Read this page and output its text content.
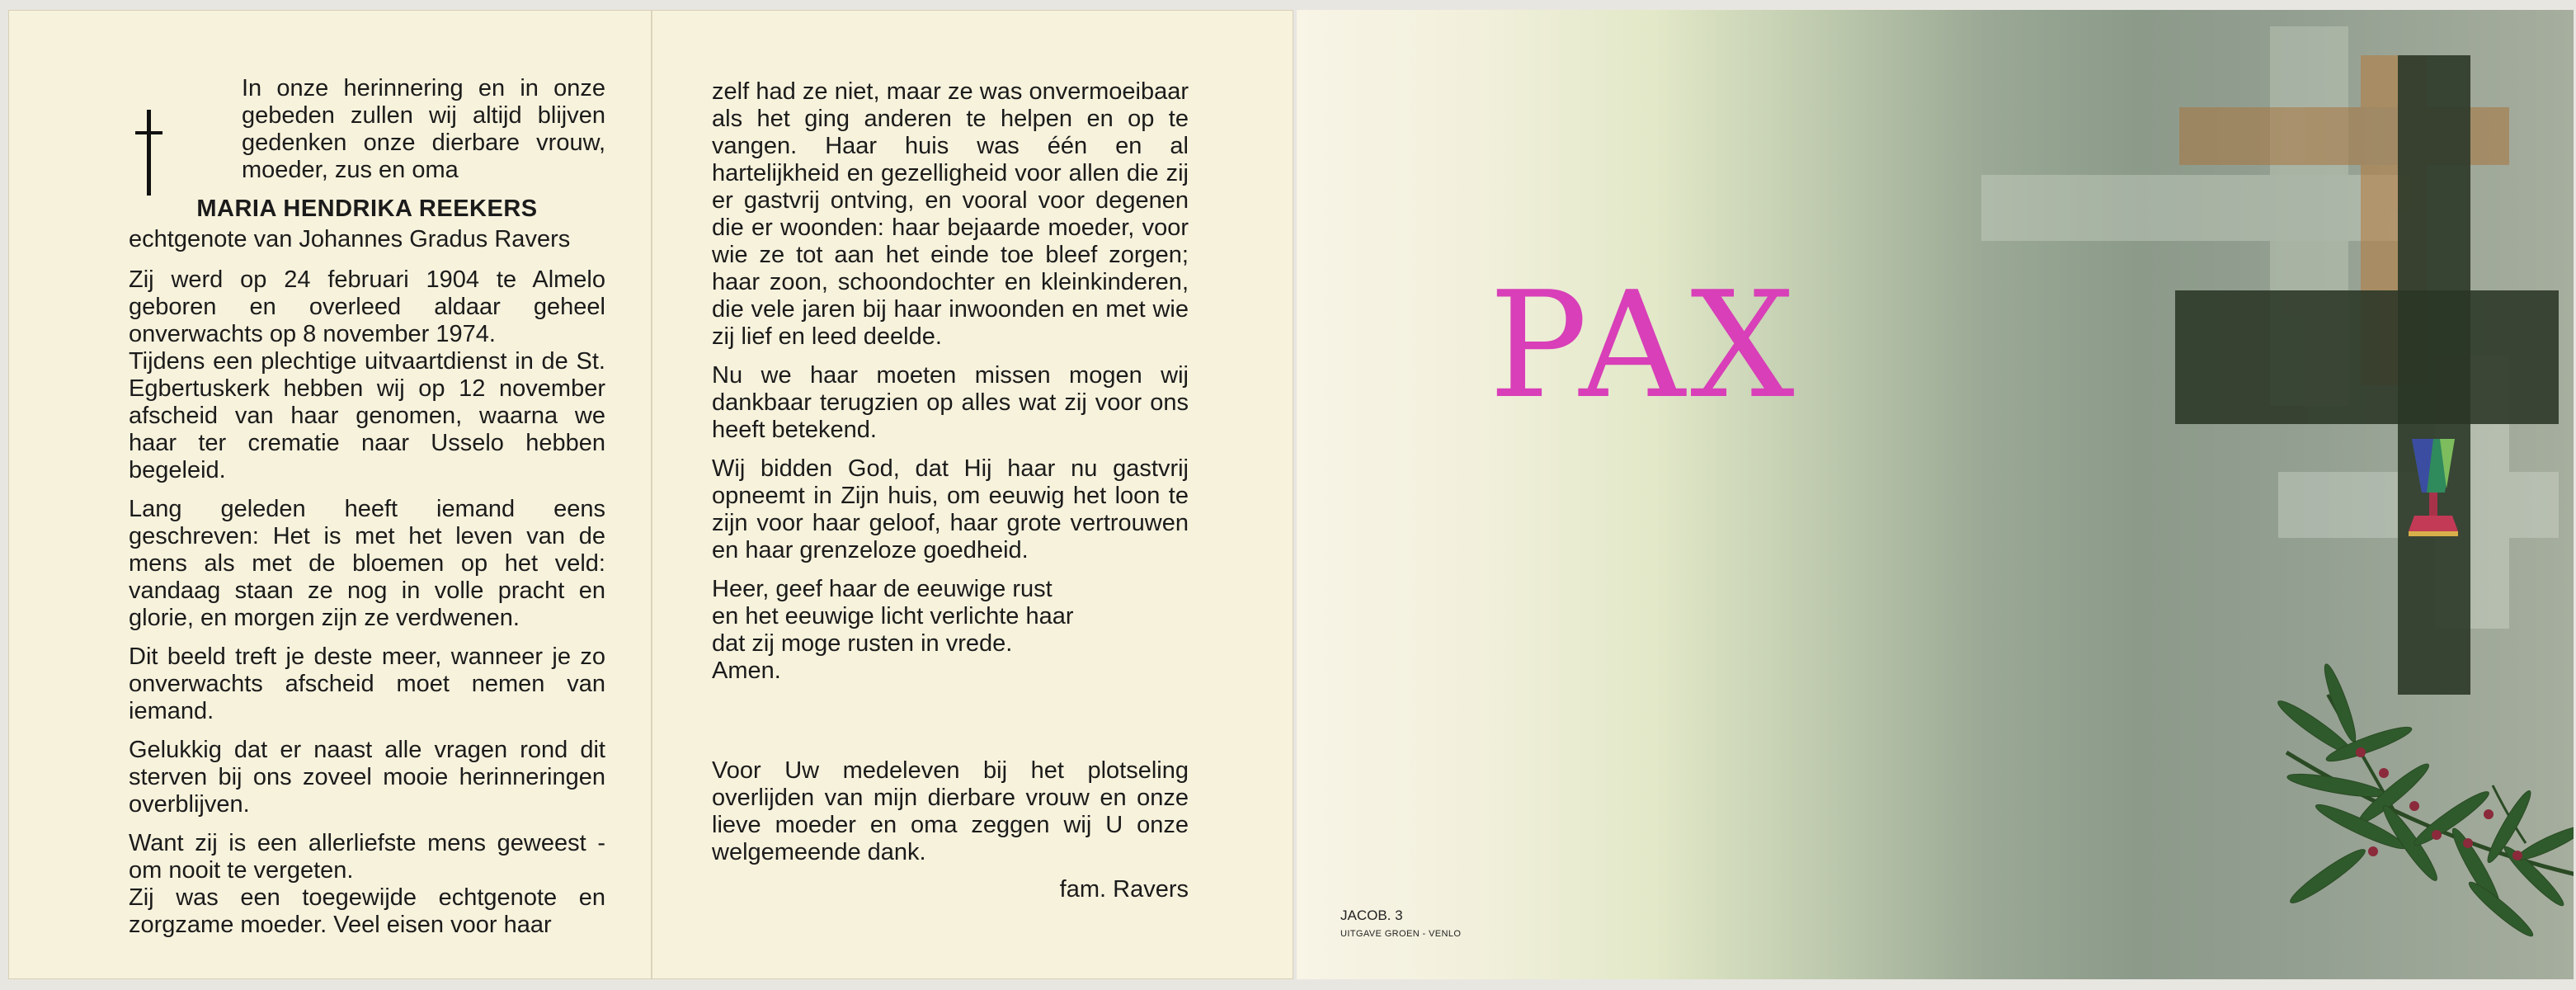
In onze herinnering en in onze gebeden zullen wij altijd blijven gedenken onze dierbare vrouw, moeder, zus en oma

MARIA HENDRIKA REEKERS
echtgenote van Johannes Gradus Ravers

Zij werd op 24 februari 1904 te Almelo geboren en overleed aldaar geheel onverwachts op 8 november 1974.
Tijdens een plechtige uitvaartdienst in de St. Egbertuskerk hebben wij op 12 november afscheid van haar genomen, waarna we haar ter crematie naar Usselo hebben begeleid.

Lang geleden heeft iemand eens geschreven: Het is met het leven van de mens als met de bloemen op het veld: vandaag staan ze nog in volle pracht en glorie, en morgen zijn ze verdwenen.

Dit beeld treft je deste meer, wanneer je zo onverwachts afscheid moet nemen van iemand.

Gelukkig dat er naast alle vragen rond dit sterven bij ons zoveel mooie herinneringen overblijven.

Want zij is een allerliefste mens geweest - om nooit te vergeten.
Zij was een toegewijde echtgenote en zorgzame moeder. Veel eisen voor haar

zelf had ze niet, maar ze was onvermoeibaar als het ging anderen te helpen en op te vangen. Haar huis was één en al hartelijkheid en gezelligheid voor allen die zij er gastvrij ontving, en vooral voor degenen die er woonden: haar bejaarde moeder, voor wie ze tot aan het einde toe bleef zorgen; haar zoon, schoondochter en kleinkinderen, die vele jaren bij haar inwoonden en met wie zij lief en leed deelde.

Nu we haar moeten missen mogen wij dankbaar terugzien op alles wat zij voor ons heeft betekend.

Wij bidden God, dat Hij haar nu gastvrij opneemt in Zijn huis, om eeuwig het loon te zijn voor haar geloof, haar grote vertrouwen en haar grenzeloze goedheid.

Heer, geef haar de eeuwige rust
en het eeuwige licht verlichte haar
dat zij moge rusten in vrede.
Amen.
Voor Uw medeleven bij het plotseling overlijden van mijn dierbare vrouw en onze lieve moeder en oma zeggen wij U onze welgemeende dank.
fam. Ravers
PAX
JACOB. 3
UITGAVE GROEN - VENLO
